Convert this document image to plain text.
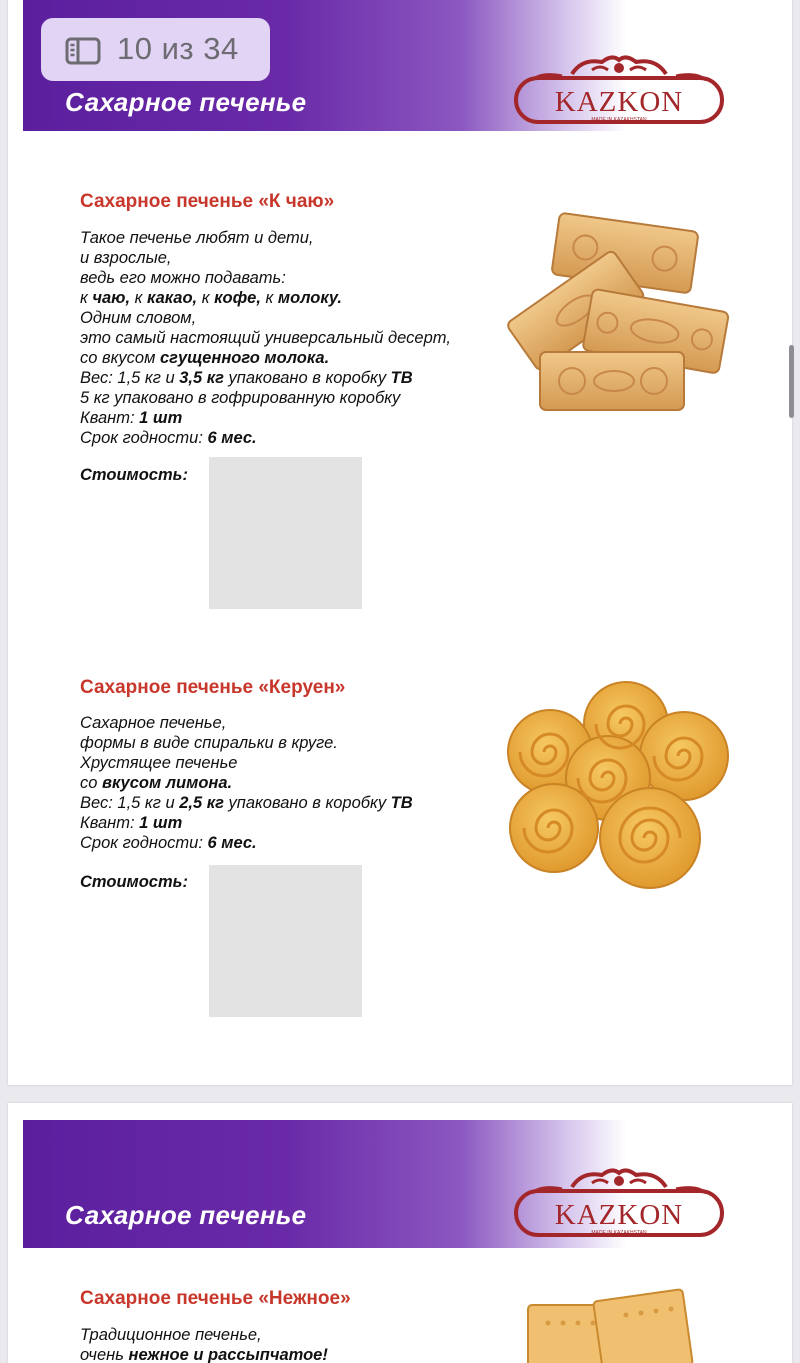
10 из 34
Сахарное печенье	KAZKON
MADE IN KAZAKHSTAN
Сахарное печенье «К чаю»
Такое печенье любят и дети,
и взрослые,
ведь его можно подавать:
к чаю, к какао, к кофе, к молоку.
Одним словом,
это самый настоящий универсальный десерт,
со вкусом сгущенного молока.
Вес: 1,5 кг и 3,5 кг упаковано в коробку ТВ
5 кг упаковано в гофрированную коробку
Квант: 1 шт
Срок годности: 6 мес.
Стоимость:
Сахарное печенье «Керуен»
Сахарное печенье,
формы в виде спиральки в круге.
Хрустящее печенье
со вкусом лимона.
Вес: 1,5 кг и 2,5 кг упаковано в коробку ТВ
Квант: 1 шт
Срок годности: 6 мес.
Стоимость:
Сахарное печенье	KAZKON
MADE IN KAZAKHSTAN
Сахарное печенье «Нежное»
Традиционное печенье,
очень нежное и рассыпчатое!
